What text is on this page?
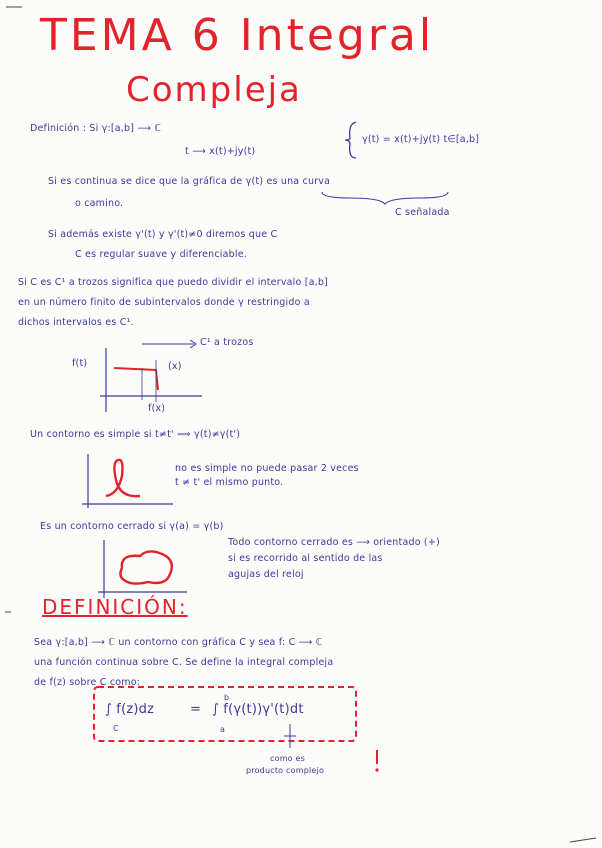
TEMA 6 Integral
Compleja
Definición : Si γ:[a,b] ⟶ ℂ
t ⟶ x(t)+jy(t)
γ(t) = x(t)+jy(t) t∈[a,b]
Si es continua se dice que la gráfica de γ(t) es una curva
o camino.
C señalada
Si además existe γ'(t) y γ'(t)≠0 diremos que C
C es regular suave y diferenciable.
Si C es C¹ a trozos significa que puedo dividir el intervalo [a,b]
en un número finito de subintervalos donde γ restringido a
dichos intervalos es C¹.
C¹ a trozos
f(t)	(x)
f(x)
Un contorno es simple si t≠t' ⟹ γ(t)≠γ(t')
no es simple no puede pasar 2 veces
t ≠ t' el mismo punto.
Es un contorno cerrado si γ(a) = γ(b)
Todo contorno cerrado es ⟶ orientado (+)
si es recorrido al sentido de las
agujas del reloj
DEFINICIÓN:
Sea γ:[a,b] ⟶ ℂ un contorno con gráfica C y sea f: C ⟶ ℂ
una función continua sobre C. Se define la integral compleja
de f(z) sobre C como:
∫ f(z)dz
C
= ∫ f(γ(t))γ'(t)dt
a
b
como es
producto complejo
